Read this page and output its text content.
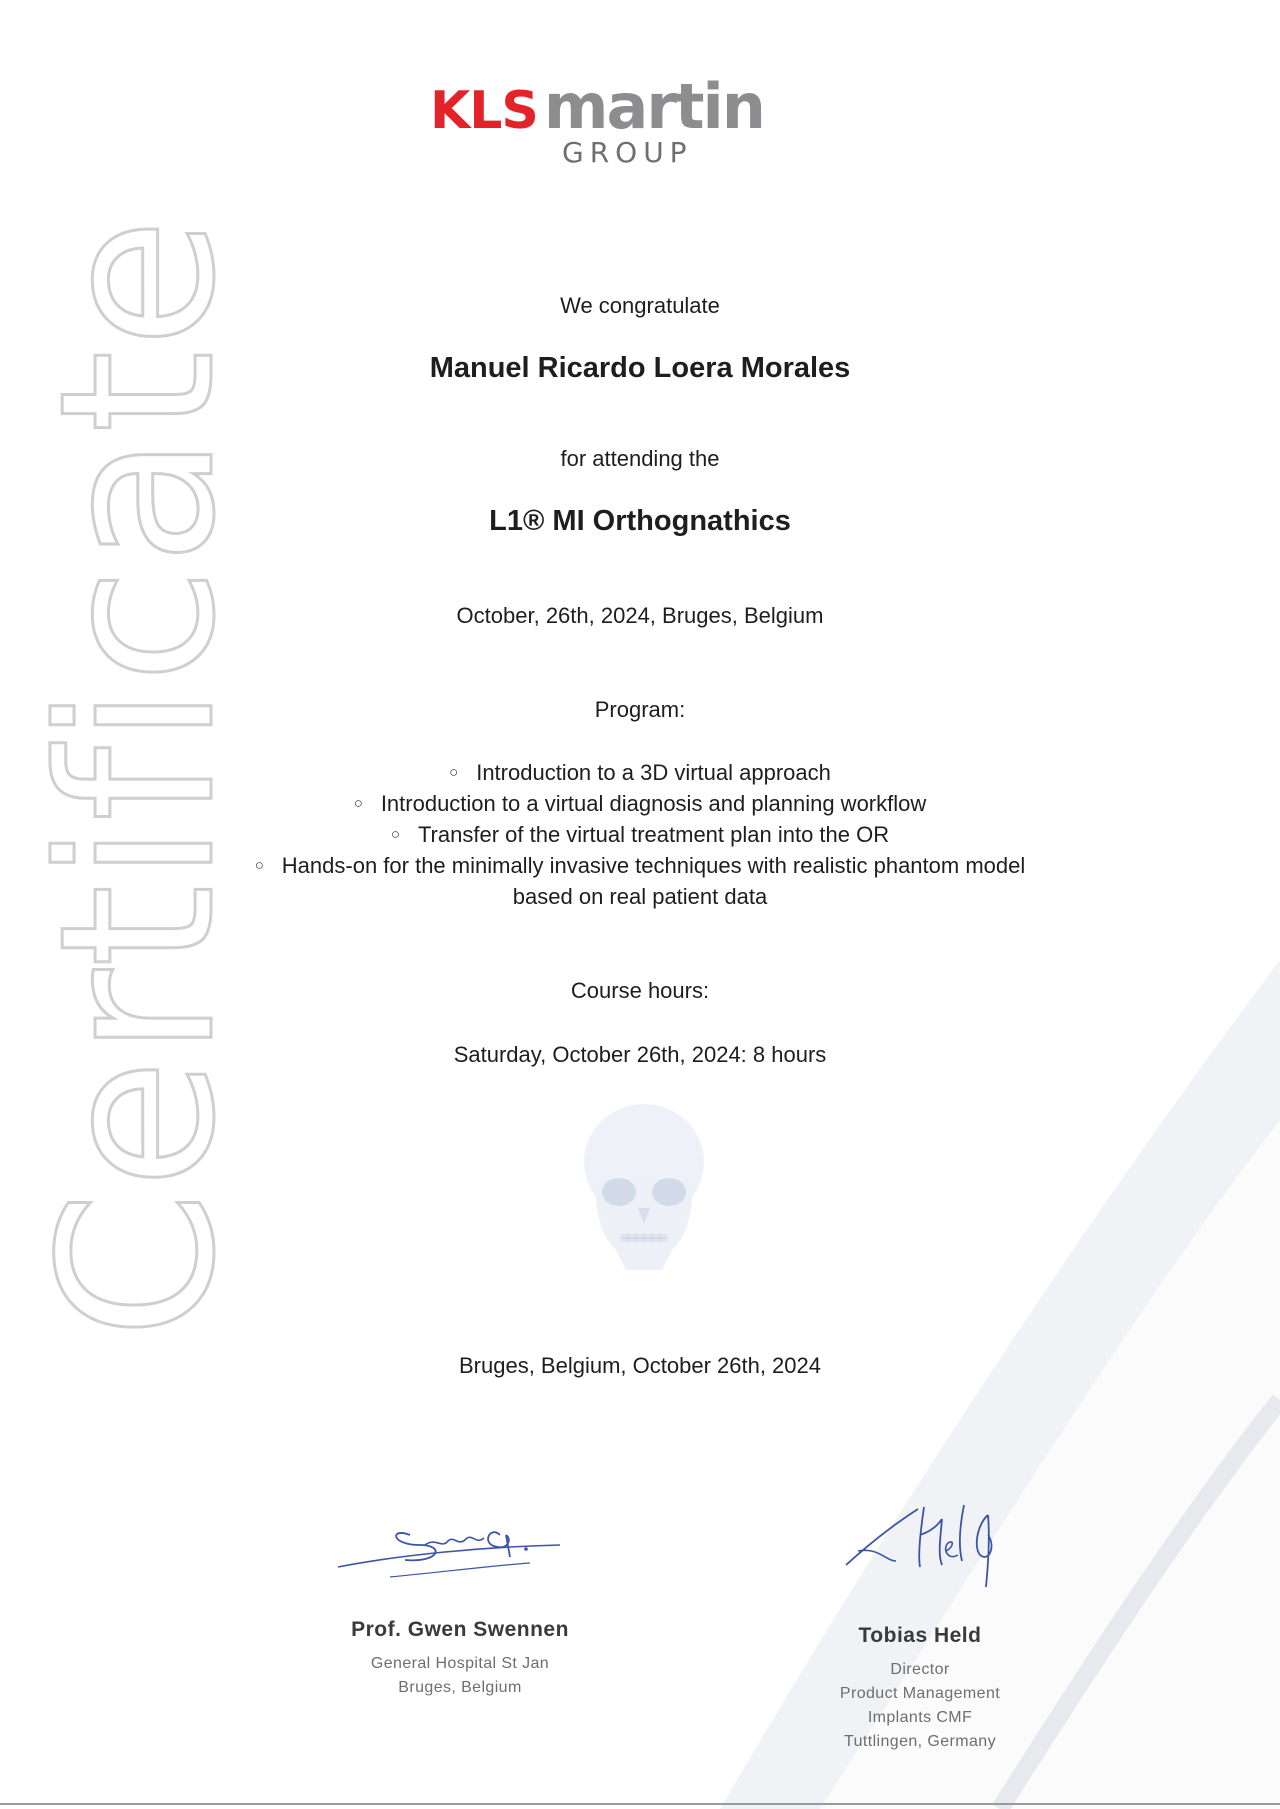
Certificate
KLSmartin
GROUP
We congratulate
Manuel Ricardo Loera Morales
for attending the
L1® MI Orthognathics
October, 26th, 2024, Bruges, Belgium
Program:
○ Introduction to a 3D virtual approach
○ Introduction to a virtual diagnosis and planning workflow
○ Transfer of the virtual treatment plan into the OR
○ Hands-on for the minimally invasive techniques with realistic phantom model
based on real patient data
Course hours:
Saturday, October 26th, 2024: 8 hours
Bruges, Belgium, October 26th, 2024
Prof. Gwen Swennen
General Hospital St Jan
Bruges, Belgium
Tobias Held
Director
Product Management
Implants CMF
Tuttlingen, Germany
